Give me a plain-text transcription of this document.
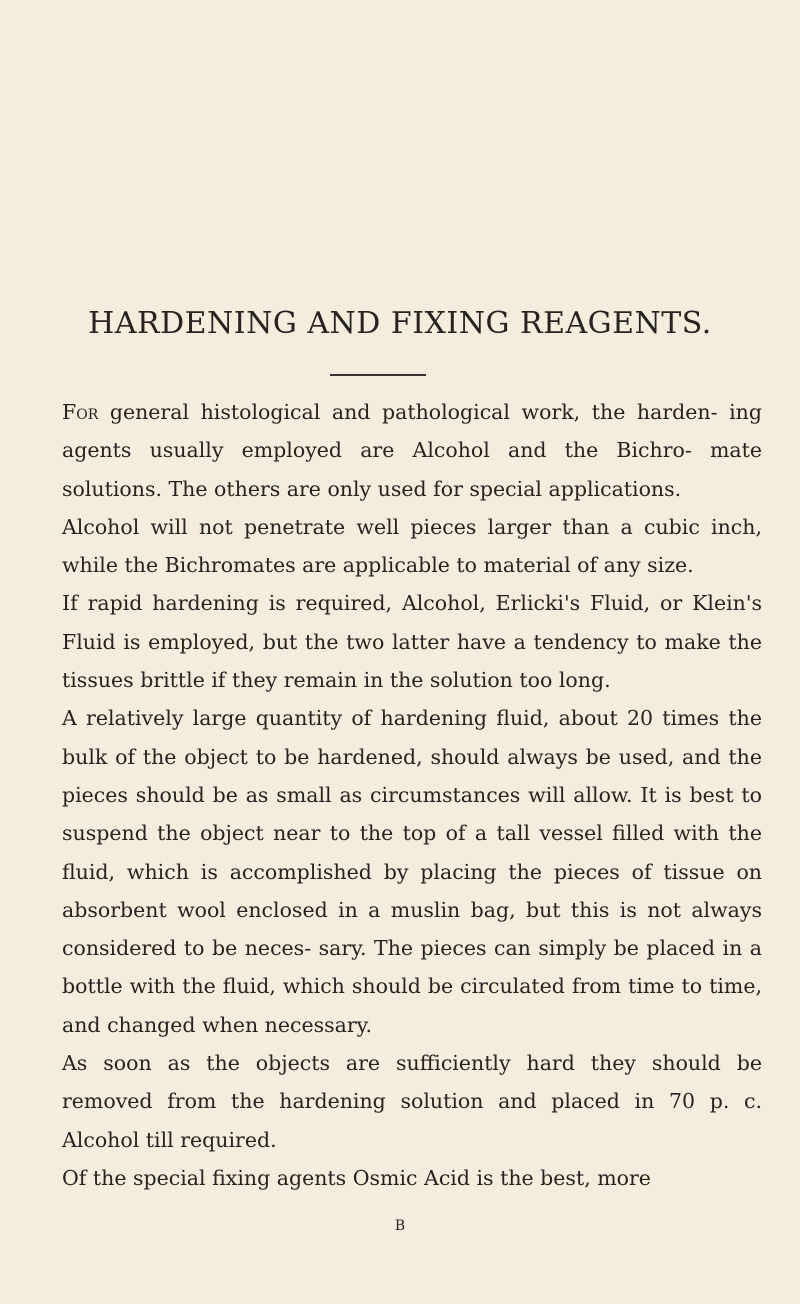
HARDENING AND FIXING REAGENTS.

For general histological and pathological work, the harden- ing agents usually employed are Alcohol and the Bichro- mate solutions. The others are only used for special applications.

Alcohol will not penetrate well pieces larger than a cubic inch, while the Bichromates are applicable to material of any size.

If rapid hardening is required, Alcohol, Erlicki's Fluid, or Klein's Fluid is employed, but the two latter have a tendency to make the tissues brittle if they remain in the solution too long.

A relatively large quantity of hardening fluid, about 20 times the bulk of the object to be hardened, should always be used, and the pieces should be as small as circumstances will allow. It is best to suspend the object near to the top of a tall vessel filled with the fluid, which is accomplished by placing the pieces of tissue on absorbent wool enclosed in a muslin bag, but this is not always considered to be neces- sary. The pieces can simply be placed in a bottle with the fluid, which should be circulated from time to time, and changed when necessary.

As soon as the objects are sufficiently hard they should be removed from the hardening solution and placed in 70 p. c. Alcohol till required.

Of the special fixing agents Osmic Acid is the best, more

B
